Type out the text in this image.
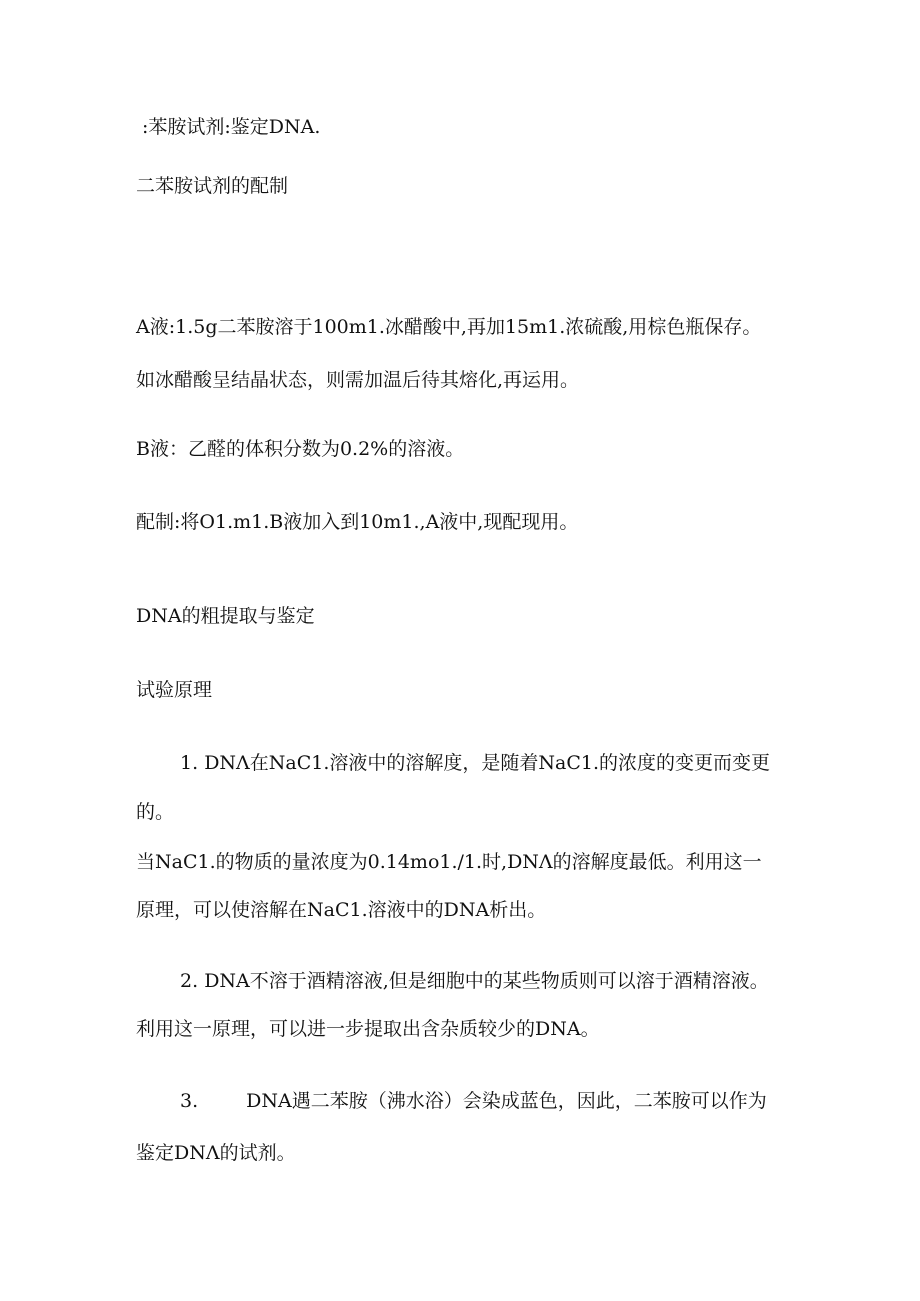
:苯胺试剂:鉴定DNA.

二苯胺试剂的配制

A液:1.5g二苯胺溶于100m1.冰醋酸中,再加15m1.浓硫酸,用棕色瓶保存。

如冰醋酸呈结晶状态，则需加温后待其熔化,再运用。

B液：乙醛的体积分数为0.2%的溶液。

配制:将O1.m1.B液加入到10m1.,A液中,现配现用。

DNA的粗提取与鉴定

试验原理

1. DNΛ在NaC1.溶液中的溶解度，是随着NaC1.的浓度的变更而变更

的。

当NaC1.的物质的量浓度为0.14mo1./1.时,DNΛ的溶解度最低。利用这一

原理，可以使溶解在NaC1.溶液中的DNA析出。

2. DNA不溶于酒精溶液,但是细胞中的某些物质则可以溶于酒精溶液。

利用这一原理，可以进一步提取出含杂质较少的DNA。

3.	DNA遇二苯胺（沸水浴）会染成蓝色，因此，二苯胺可以作为

鉴定DNΛ的试剂。
